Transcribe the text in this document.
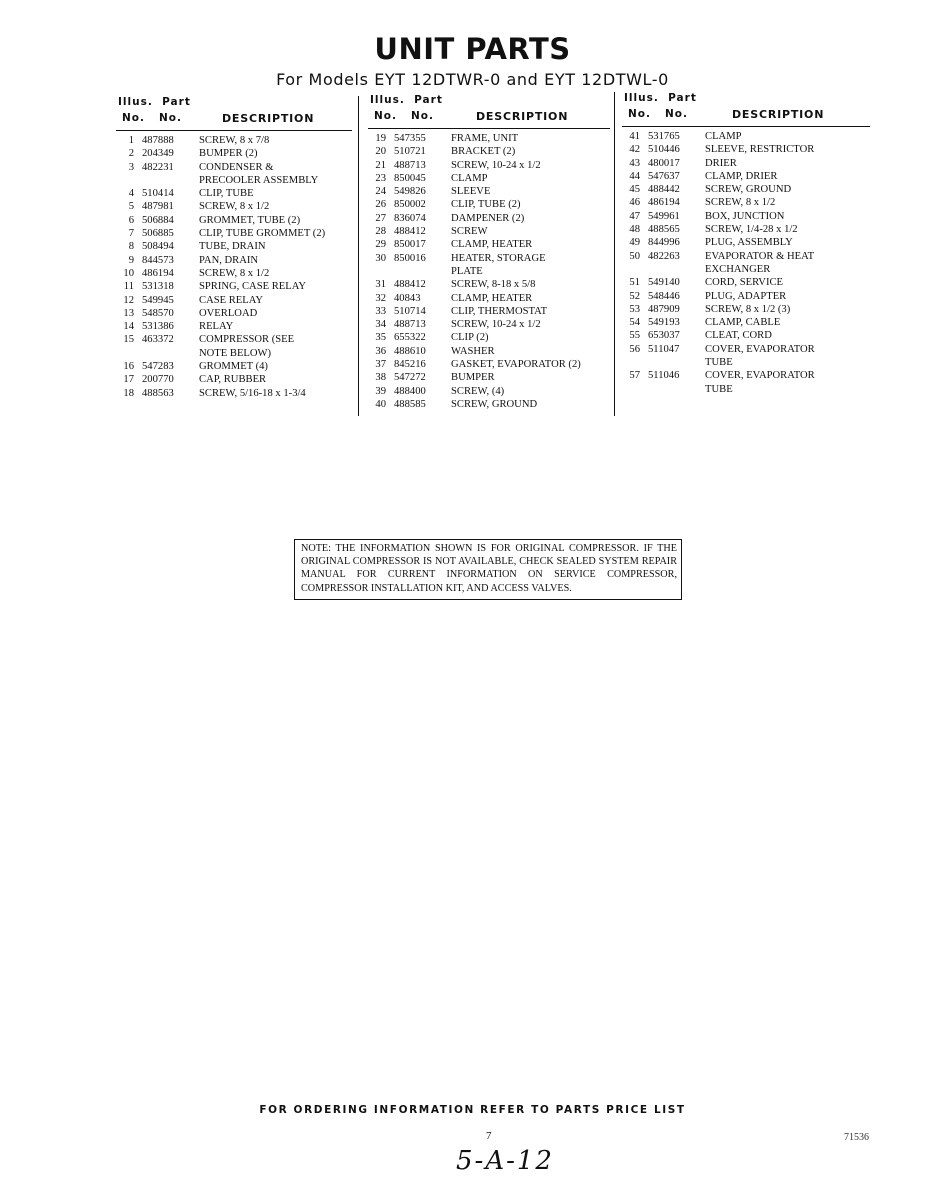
UNIT PARTS
For Models EYT 12DTWR-0 and EYT 12DTWL-0
Illus. Part
No. No.	DESCRIPTION
1 487888 SCREW, 8 x 7/8
2 204349 BUMPER (2)
3 482231 CONDENSER &
PRECOOLER ASSEMBLY
4 510414 CLIP, TUBE
5 487981 SCREW, 8 x 1/2
6 506884 GROMMET, TUBE (2)
7 506885 CLIP, TUBE GROMMET (2)
8 508494 TUBE, DRAIN
9 844573 PAN, DRAIN
10 486194 SCREW, 8 x 1/2
11 531318 SPRING, CASE RELAY
12 549945 CASE RELAY
13 548570 OVERLOAD
14 531386 RELAY
15 463372 COMPRESSOR (SEE
NOTE BELOW)
16 547283 GROMMET (4)
17 200770 CAP, RUBBER
18 488563 SCREW, 5/16-18 x 1-3/4
Illus. Part
No. No.	DESCRIPTION
19 547355 FRAME, UNIT
20 510721 BRACKET (2)
21 488713 SCREW, 10-24 x 1/2
23 850045 CLAMP
24 549826 SLEEVE
26 850002 CLIP, TUBE (2)
27 836074 DAMPENER (2)
28 488412 SCREW
29 850017 CLAMP, HEATER
30 850016 HEATER, STORAGE
PLATE
31 488412 SCREW, 8-18 x 5/8
32 40843	CLAMP, HEATER
33 510714 CLIP, THERMOSTAT
34 488713 SCREW, 10-24 x 1/2
35 655322 CLIP (2)
36 488610 WASHER
37 845216 GASKET, EVAPORATOR (2)
38 547272 BUMPER
39 488400 SCREW, (4)
40 488585 SCREW, GROUND
Illus. Part
No. No.	DESCRIPTION
41 531765 CLAMP
42 510446 SLEEVE, RESTRICTOR
43 480017 DRIER
44 547637 CLAMP, DRIER
45 488442 SCREW, GROUND
46 486194 SCREW, 8 x 1/2
47 549961 BOX, JUNCTION
48 488565 SCREW, 1/4-28 x 1/2
49 844996 PLUG, ASSEMBLY
50 482263 EVAPORATOR & HEAT
EXCHANGER
51 549140 CORD, SERVICE
52 548446 PLUG, ADAPTER
53 487909 SCREW, 8 x 1/2 (3)
54 549193 CLAMP, CABLE
55 653037 CLEAT, CORD
56 511047 COVER, EVAPORATOR
TUBE
57 511046 COVER, EVAPORATOR
TUBE
NOTE: THE INFORMATION SHOWN IS FOR ORIGINAL COMPRESSOR. IF THE ORIGINAL COMPRESSOR IS NOT AVAILABLE, CHECK SEALED SYSTEM REPAIR MANUAL FOR CURRENT INFORMATION ON SERVICE COMPRESSOR, COMPRESSOR INSTALLATION KIT, AND ACCESS VALVES.
FOR ORDERING INFORMATION REFER TO PARTS PRICE LIST
7	71536
5-A-12
